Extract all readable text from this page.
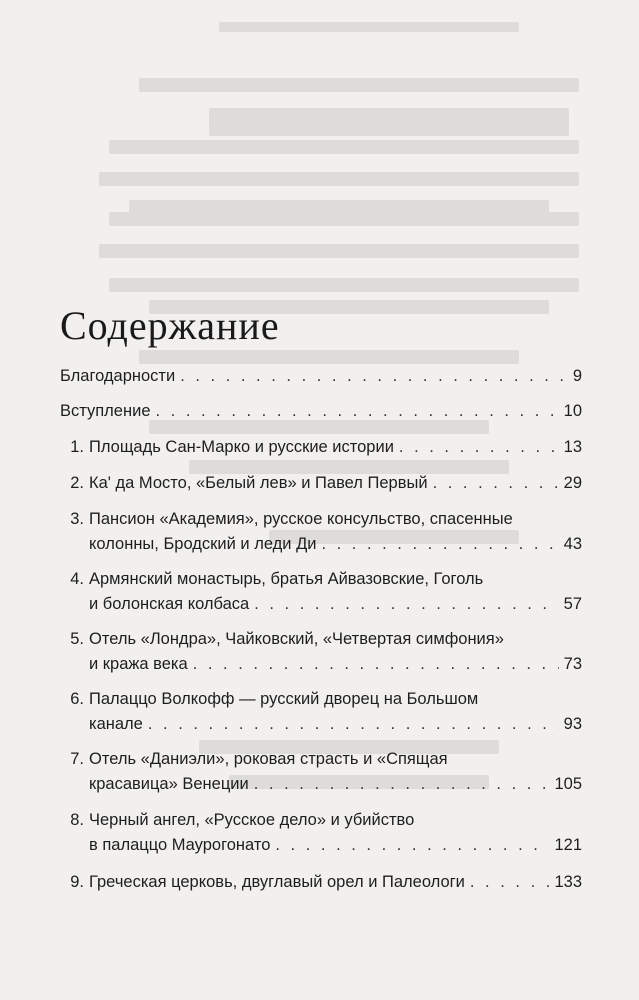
Содержание
Благодарности . . .	9
Вступление . . .	10
1. Площадь Сан-Марко и русские истории . . .	13
2. Ка' да Мосто, «Белый лев» и Павел Первый . . .	29
3. Пансион «Академия», русское консульство, спасенные
колонны, Бродский и леди Ди . . .	43
4. Армянский монастырь, братья Айвазовские, Гоголь
и болонская колбаса . . .	57
5. Отель «Лондра», Чайковский, «Четвертая симфония»
и кража века . . .	73
6. Палаццо Волкофф — русский дворец на Большом
канале . . .	93
7. Отель «Даниэли», роковая страсть и «Спящая
красавица» Венеции . . .	105
8. Черный ангел, «Русское дело» и убийство
в палаццо Маурогонато . . .	121
9. Греческая церковь, двуглавый орел и Палеологи . . .	133
